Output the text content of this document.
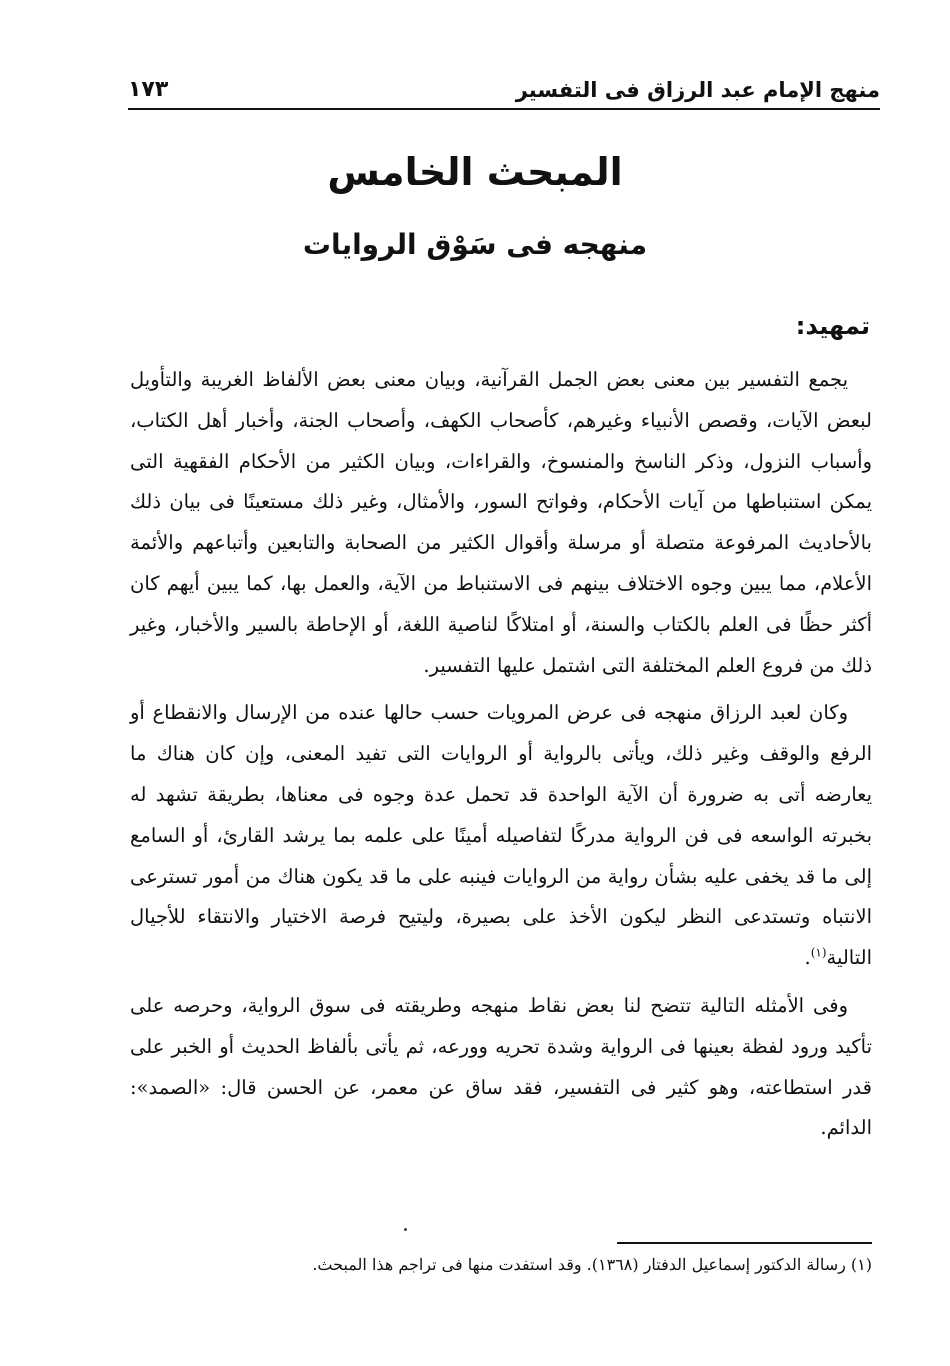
منهج الإمام عبد الرزاق فى التفسير
١٧٣
المبحث الخامس
منهجه فى سَوْق الروايات
تمهيد:

يجمع التفسير بين معنى بعض الجمل القرآنية، وبيان معنى بعض الألفاظ الغريبة والتأويل لبعض الآيات، وقصص الأنبياء وغيرهم، كأصحاب الكهف، وأصحاب الجنة، وأخبار أهل الكتاب، وأسباب النزول، وذكر الناسخ والمنسوخ، والقراءات، وبيان الكثير من الأحكام الفقهية التى يمكن استنباطها من آيات الأحكام، وفواتح السور، والأمثال، وغير ذلك مستعينًا فى بيان ذلك بالأحاديث المرفوعة متصلة أو مرسلة وأقوال الكثير من الصحابة والتابعين وأتباعهم والأئمة الأعلام، مما يبين وجوه الاختلاف بينهم فى الاستنباط من الآية، والعمل بها، كما يبين أيهم كان أكثر حظًا فى العلم بالكتاب والسنة، أو امتلاكًا لناصية اللغة، أو الإحاطة بالسير والأخبار، وغير ذلك من فروع العلم المختلفة التى اشتمل عليها التفسير.

وكان لعبد الرزاق منهجه فى عرض المرويات حسب حالها عنده من الإرسال والانقطاع أو الرفع والوقف وغير ذلك، ويأتى بالرواية أو الروايات التى تفيد المعنى، وإن كان هناك ما يعارضه أتى به ضرورة أن الآية الواحدة قد تحمل عدة وجوه فى معناها، بطريقة تشهد له بخبرته الواسعه فى فن الرواية مدركًا لتفاصيله أمينًا على علمه بما يرشد القارئ، أو السامع إلى ما قد يخفى عليه بشأن رواية من الروايات فينبه على ما قد يكون هناك من أمور تسترعى الانتباه وتستدعى النظر ليكون الأخذ على بصيرة، وليتيح فرصة الاختيار والانتقاء للأجيال التالية$^{(١)}$.

وفى الأمثله التالية تتضح لنا بعض نقاط منهجه وطريقته فى سوق الرواية، وحرصه على تأكيد ورود لفظة بعينها فى الرواية وشدة تحريه وورعه، ثم يأتى بألفاظ الحديث أو الخبر على قدر استطاعته، وهو كثير فى التفسير، فقد ساق عن معمر، عن الحسن قال: «الصمد»: الدائم.

(١) رسالة الدكتور إسماعيل الدفتار (١٣٦٨). وقد استفدت منها فى تراجم هذا المبحث.
